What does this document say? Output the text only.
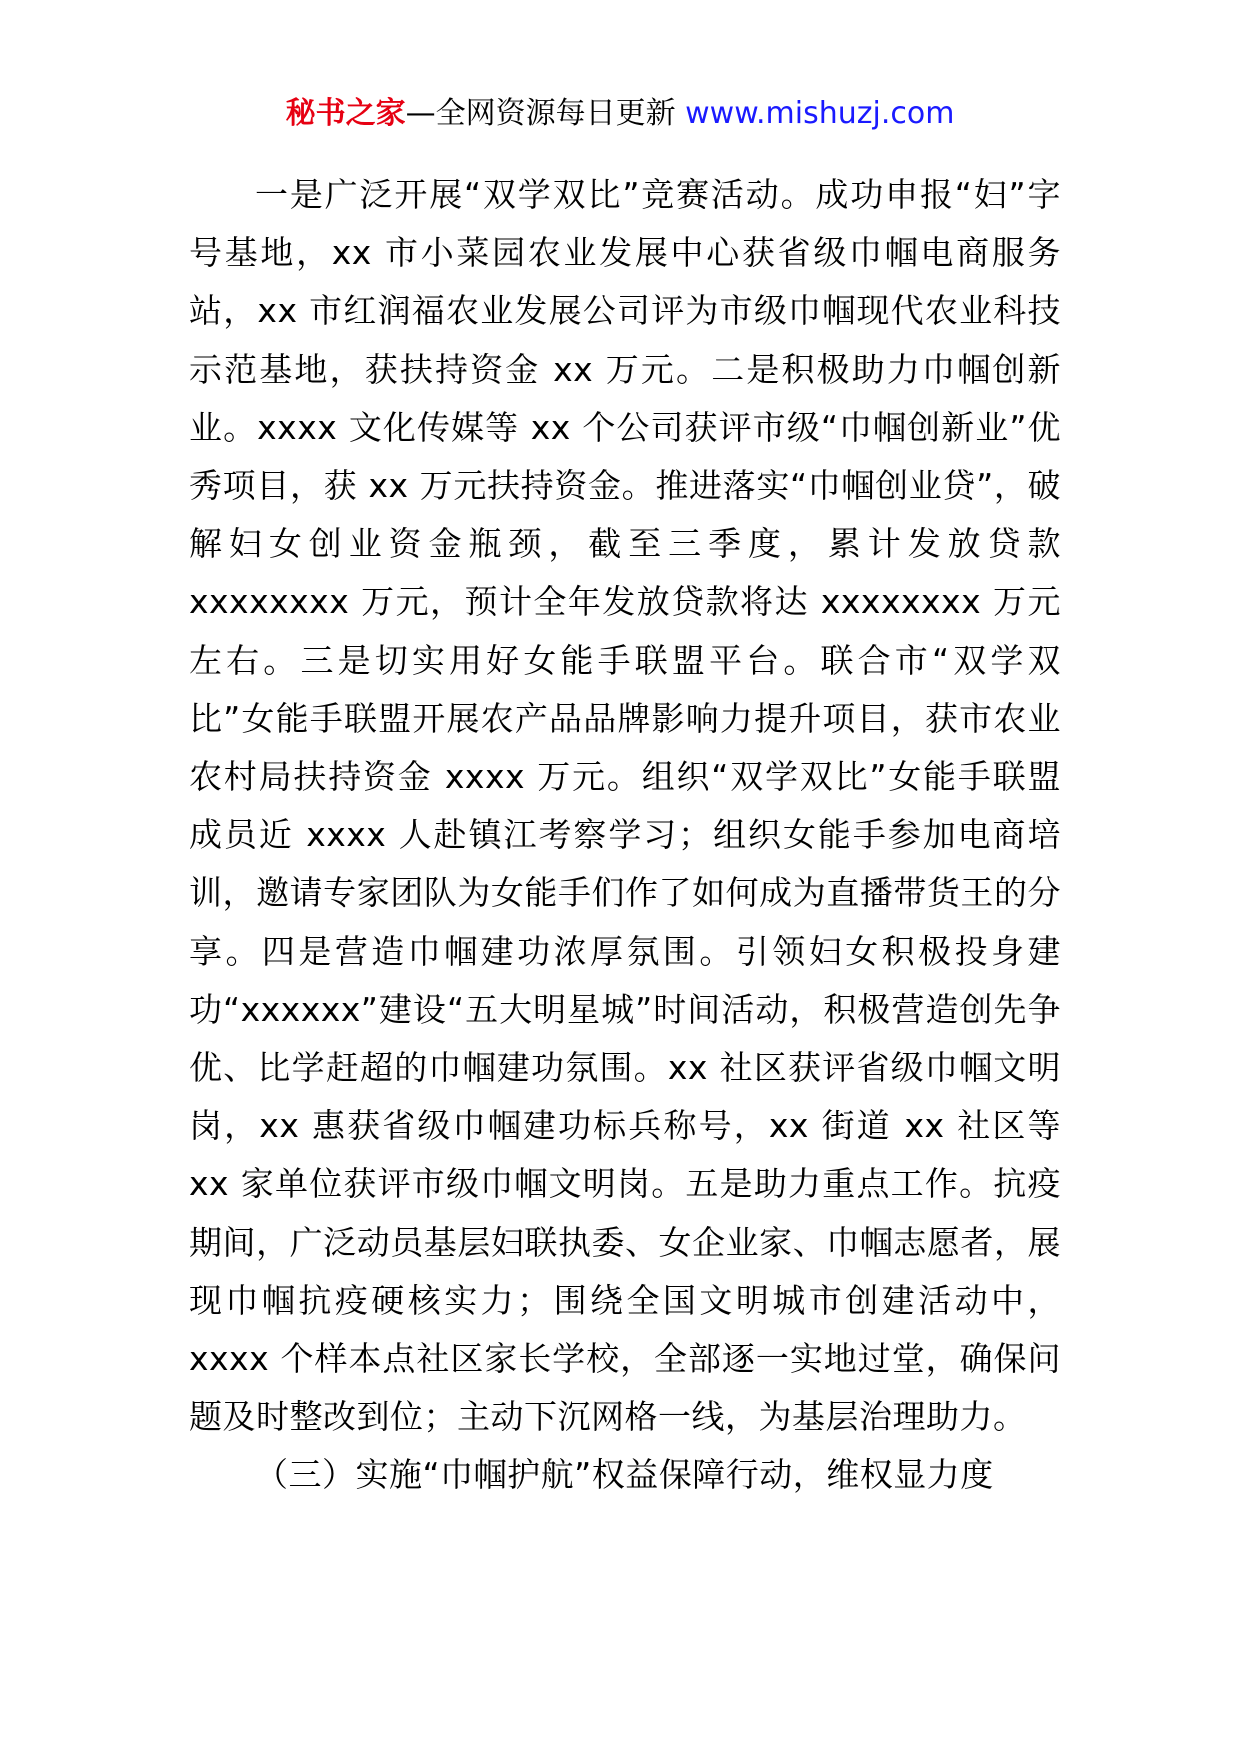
秘书之家—全网资源每日更新 www.mishuzj.com

一是广泛开展“双学双比”竞赛活动。成功申报“妇”字号基地，xx 市小菜园农业发展中心获省级巾帼电商服务站，xx 市红润福农业发展公司评为市级巾帼现代农业科技示范基地，获扶持资金 xx 万元。二是积极助力巾帼创新业。xxxx 文化传媒等 xx 个公司获评市级“巾帼创新业”优秀项目，获 xx 万元扶持资金。推进落实“巾帼创业贷”，破解妇女创业资金瓶颈，截至三季度，累计发放贷款 xxxxxxxx 万元，预计全年发放贷款将达 xxxxxxxx 万元左右。三是切实用好女能手联盟平台。联合市“双学双比”女能手联盟开展农产品品牌影响力提升项目，获市农业农村局扶持资金 xxxx 万元。组织“双学双比”女能手联盟成员近 xxxx 人赴镇江考察学习；组织女能手参加电商培训，邀请专家团队为女能手们作了如何成为直播带货王的分享。四是营造巾帼建功浓厚氛围。引领妇女积极投身建功“xxxxxx”建设“五大明星城”时间活动，积极营造创先争优、比学赶超的巾帼建功氛围。xx 社区获评省级巾帼文明岗，xx 惠获省级巾帼建功标兵称号，xx 街道 xx 社区等 xx 家单位获评市级巾帼文明岗。五是助力重点工作。抗疫期间，广泛动员基层妇联执委、女企业家、巾帼志愿者，展现巾帼抗疫硬核实力；围绕全国文明城市创建活动中，xxxx 个样本点社区家长学校，全部逐一实地过堂，确保问题及时整改到位；主动下沉网格一线，为基层治理助力。

（三）实施“巾帼护航”权益保障行动，维权显力度
